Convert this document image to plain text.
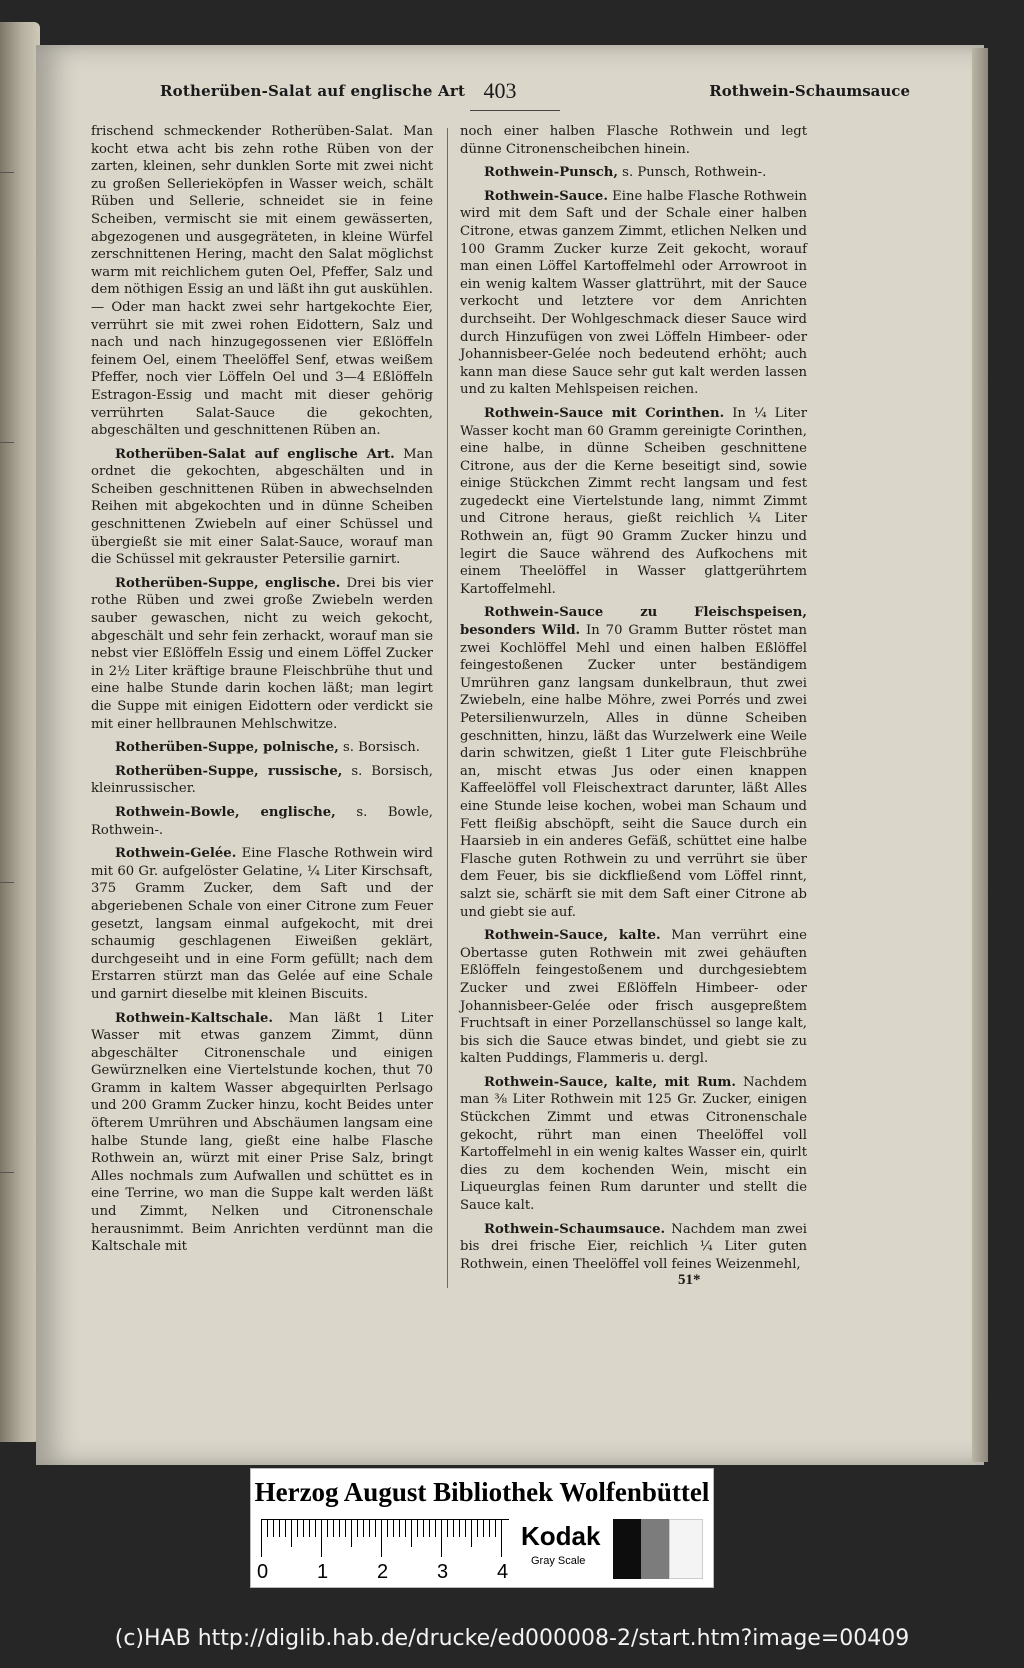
Rotherüben-Salat auf englische Art 403	Rothwein-Schaumsauce

frischend schmeckender Rotherüben-Salat. Man kocht etwa acht bis zehn rothe Rüben von der zarten, kleinen, sehr dunklen Sorte mit zwei nicht zu großen Sellerieköpfen in Wasser weich, schält Rüben und Sellerie, schneidet sie in feine Scheiben, vermischt sie mit einem gewässerten, abgezogenen und ausgegräteten, in kleine Würfel zerschnittenen Hering, macht den Salat möglichst warm mit reichlichem guten Oel, Pfeffer, Salz und dem nöthigen Essig an und läßt ihn gut auskühlen. — Oder man hackt zwei sehr hartgekochte Eier, verrührt sie mit zwei rohen Eidottern, Salz und nach und nach hinzugegossenen vier Eßlöffeln feinem Oel, einem Theelöffel Senf, etwas weißem Pfeffer, noch vier Löffeln Oel und 3—4 Eßlöffeln Estragon-Essig und macht mit dieser gehörig verrührten Salat-Sauce die gekochten, abgeschälten und geschnittenen Rüben an.

Rotherüben-Salat auf englische Art. Man ordnet die gekochten, abgeschälten und in Scheiben geschnittenen Rüben in abwechselnden Reihen mit abgekochten und in dünne Scheiben geschnittenen Zwiebeln auf einer Schüssel und übergießt sie mit einer Salat-Sauce, worauf man die Schüssel mit gekrauster Petersilie garnirt.

Rotherüben-Suppe, englische. Drei bis vier rothe Rüben und zwei große Zwiebeln werden sauber gewaschen, nicht zu weich gekocht, abgeschält und sehr fein zerhackt, worauf man sie nebst vier Eßlöffeln Essig und einem Löffel Zucker in 2½ Liter kräftige braune Fleischbrühe thut und eine halbe Stunde darin kochen läßt; man legirt die Suppe mit einigen Eidottern oder verdickt sie mit einer hellbraunen Mehlschwitze.

Rotherüben-Suppe, polnische, s. Borsisch.

Rotherüben-Suppe, russische, s. Borsisch, kleinrussischer.

Rothwein-Bowle, englische, s. Bowle, Rothwein-.

Rothwein-Gelée. Eine Flasche Rothwein wird mit 60 Gr. aufgelöster Gelatine, ¼ Liter Kirschsaft, 375 Gramm Zucker, dem Saft und der abgeriebenen Schale von einer Citrone zum Feuer gesetzt, langsam einmal aufgekocht, mit drei schaumig geschlagenen Eiweißen geklärt, durchgeseiht und in eine Form gefüllt; nach dem Erstarren stürzt man das Gelée auf eine Schale und garnirt dieselbe mit kleinen Biscuits.

Rothwein-Kaltschale. Man läßt 1 Liter Wasser mit etwas ganzem Zimmt, dünn abgeschälter Citronenschale und einigen Gewürznelken eine Viertelstunde kochen, thut 70 Gramm in kaltem Wasser abgequirlten Perlsago und 200 Gramm Zucker hinzu, kocht Beides unter öfterem Umrühren und Abschäumen langsam eine halbe Stunde lang, gießt eine halbe Flasche Rothwein an, würzt mit einer Prise Salz, bringt Alles nochmals zum Aufwallen und schüttet es in eine Terrine, wo man die Suppe kalt werden läßt und Zimmt, Nelken und Citronenschale herausnimmt. Beim Anrichten verdünnt man die Kaltschale mit

noch einer halben Flasche Rothwein und legt dünne Citronenscheibchen hinein.

Rothwein-Punsch, s. Punsch, Rothwein-.

Rothwein-Sauce. Eine halbe Flasche Rothwein wird mit dem Saft und der Schale einer halben Citrone, etwas ganzem Zimmt, etlichen Nelken und 100 Gramm Zucker kurze Zeit gekocht, worauf man einen Löffel Kartoffelmehl oder Arrowroot in ein wenig kaltem Wasser glattrührt, mit der Sauce verkocht und letztere vor dem Anrichten durchseiht. Der Wohlgeschmack dieser Sauce wird durch Hinzufügen von zwei Löffeln Himbeer- oder Johannisbeer-Gelée noch bedeutend erhöht; auch kann man diese Sauce sehr gut kalt werden lassen und zu kalten Mehlspeisen reichen.

Rothwein-Sauce mit Corinthen. In ¼ Liter Wasser kocht man 60 Gramm gereinigte Corinthen, eine halbe, in dünne Scheiben geschnittene Citrone, aus der die Kerne beseitigt sind, sowie einige Stückchen Zimmt recht langsam und fest zugedeckt eine Viertelstunde lang, nimmt Zimmt und Citrone heraus, gießt reichlich ¼ Liter Rothwein an, fügt 90 Gramm Zucker hinzu und legirt die Sauce während des Aufkochens mit einem Theelöffel in Wasser glattgerührtem Kartoffelmehl.

Rothwein-Sauce zu Fleischspeisen, besonders Wild. In 70 Gramm Butter röstet man zwei Kochlöffel Mehl und einen halben Eßlöffel feingestoßenen Zucker unter beständigem Umrühren ganz langsam dunkelbraun, thut zwei Zwiebeln, eine halbe Möhre, zwei Porrés und zwei Petersilienwurzeln, Alles in dünne Scheiben geschnitten, hinzu, läßt das Wurzelwerk eine Weile darin schwitzen, gießt 1 Liter gute Fleischbrühe an, mischt etwas Jus oder einen knappen Kaffeelöffel voll Fleischextract darunter, läßt Alles eine Stunde leise kochen, wobei man Schaum und Fett fleißig abschöpft, seiht die Sauce durch ein Haarsieb in ein anderes Gefäß, schüttet eine halbe Flasche guten Rothwein zu und verrührt sie über dem Feuer, bis sie dickfließend vom Löffel rinnt, salzt sie, schärft sie mit dem Saft einer Citrone ab und giebt sie auf.

Rothwein-Sauce, kalte. Man verrührt eine Obertasse guten Rothwein mit zwei gehäuften Eßlöffeln feingestoßenem und durchgesiebtem Zucker und zwei Eßlöffeln Himbeer- oder Johannisbeer-Gelée oder frisch ausgepreßtem Fruchtsaft in einer Porzellanschüssel so lange kalt, bis sich die Sauce etwas bindet, und giebt sie zu kalten Puddings, Flammeris u. dergl.

Rothwein-Sauce, kalte, mit Rum. Nachdem man ⅜ Liter Rothwein mit 125 Gr. Zucker, einigen Stückchen Zimmt und etwas Citronenschale gekocht, rührt man einen Theelöffel voll Kartoffelmehl in ein wenig kaltes Wasser ein, quirlt dies zu dem kochenden Wein, mischt ein Liqueurglas feinen Rum darunter und stellt die Sauce kalt.

Rothwein-Schaumsauce. Nachdem man zwei bis drei frische Eier, reichlich ¼ Liter guten Rothwein, einen Theelöffel voll feines Weizenmehl,

51*
Herzog August Bibliothek Wolfenbüttel
0 1 2 3 4
Kodak
Gray Scale
(c)HAB http://diglib.hab.de/drucke/ed000008-2/start.htm?image=00409
